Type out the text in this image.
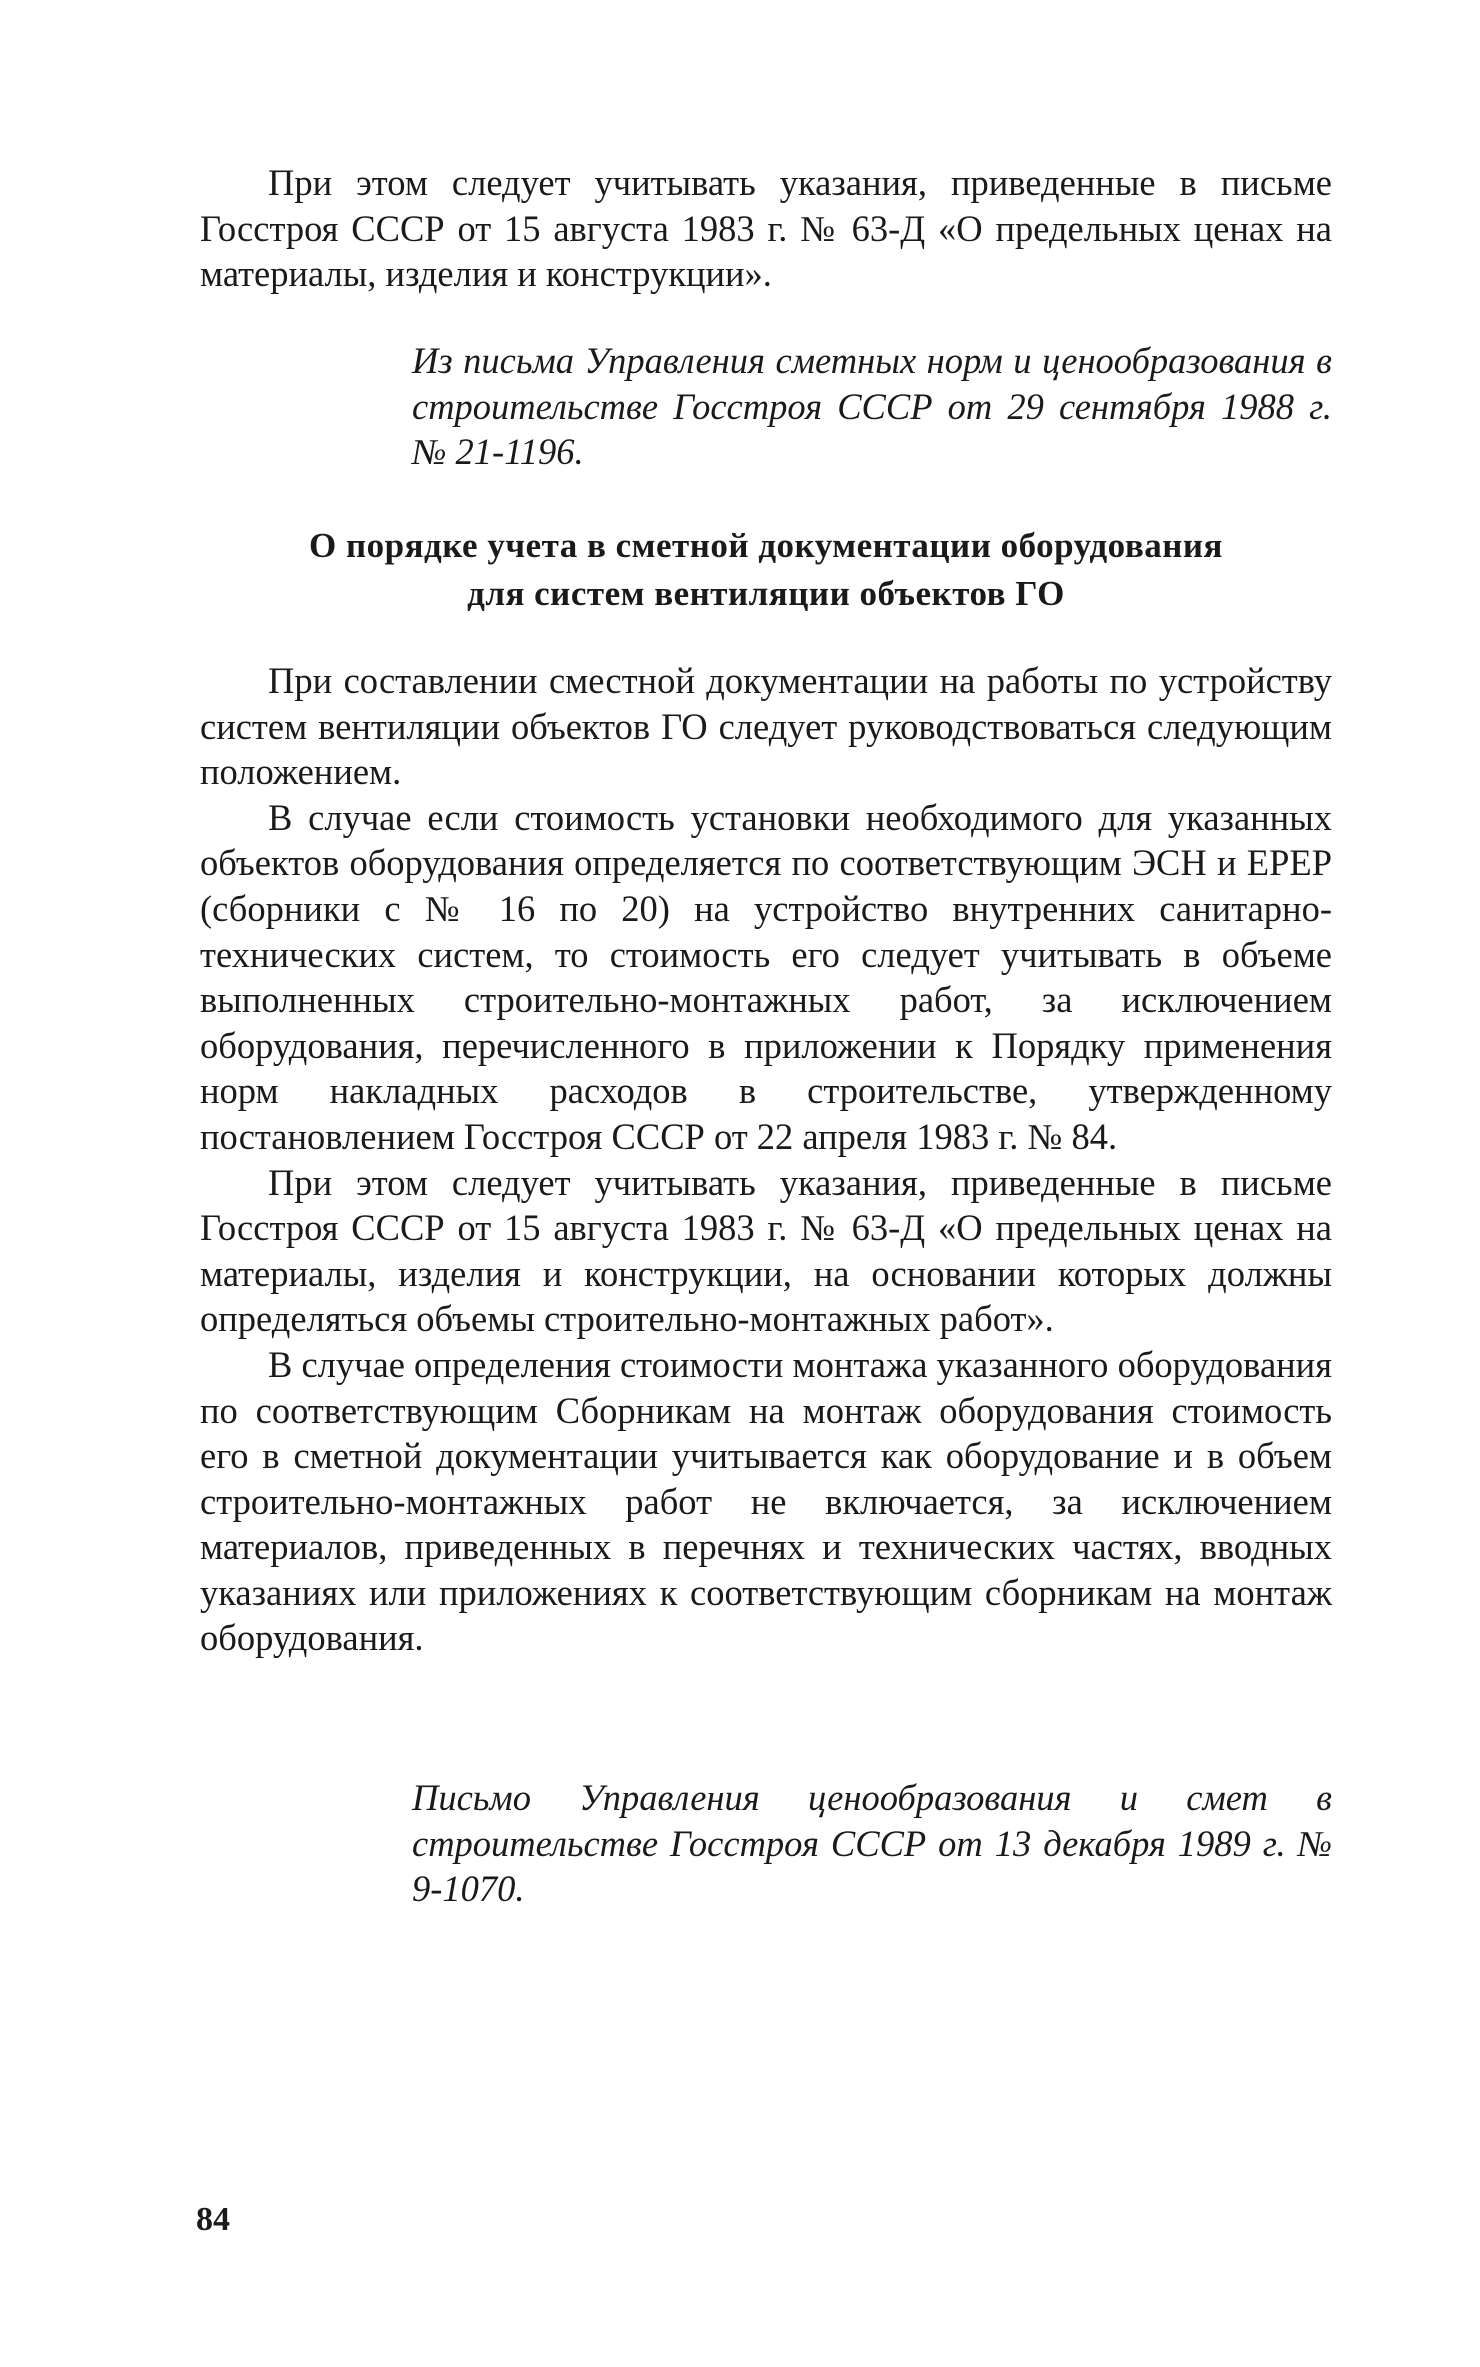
При этом следует учитывать указания, приведенные в письме Госстроя СССР от 15 августа 1983 г. № 63-Д «О предельных ценах на материалы, изделия и конструкции».

Из письма Управления сметных норм и ценообразования в строительстве Госстроя СССР от 29 сентября 1988 г. № 21-1196.

О порядке учета в сметной документации оборудования
для систем вентиляции объектов ГО

При составлении сместной документации на работы по устройству систем вентиляции объектов ГО следует руководствоваться следующим положением.

В случае если стоимость установки необходимого для указанных объектов оборудования определяется по соответствующим ЭСН и ЕРЕР (сборники с № 16 по 20) на устройство внутренних санитарно-технических систем, то стоимость его следует учитывать в объеме выполненных строительно-монтажных работ, за исключением оборудования, перечисленного в приложении к Порядку применения норм накладных расходов в строительстве, утвержденному постановлением Госстроя СССР от 22 апреля 1983 г. № 84.

При этом следует учитывать указания, приведенные в письме Госстроя СССР от 15 августа 1983 г. № 63-Д «О предельных ценах на материалы, изделия и конструкции, на основании которых должны определяться объемы строительно-монтажных работ».

В случае определения стоимости монтажа указанного оборудования по соответствующим Сборникам на монтаж оборудования стоимость его в сметной документации учитывается как оборудование и в объем строительно-монтажных работ не включается, за исключением материалов, приведенных в перечнях и технических частях, вводных указаниях или приложениях к соответствующим сборникам на монтаж оборудования.

Письмо Управления ценообразования и смет в строительстве Госстроя СССР от 13 декабря 1989 г. № 9-1070.

84
